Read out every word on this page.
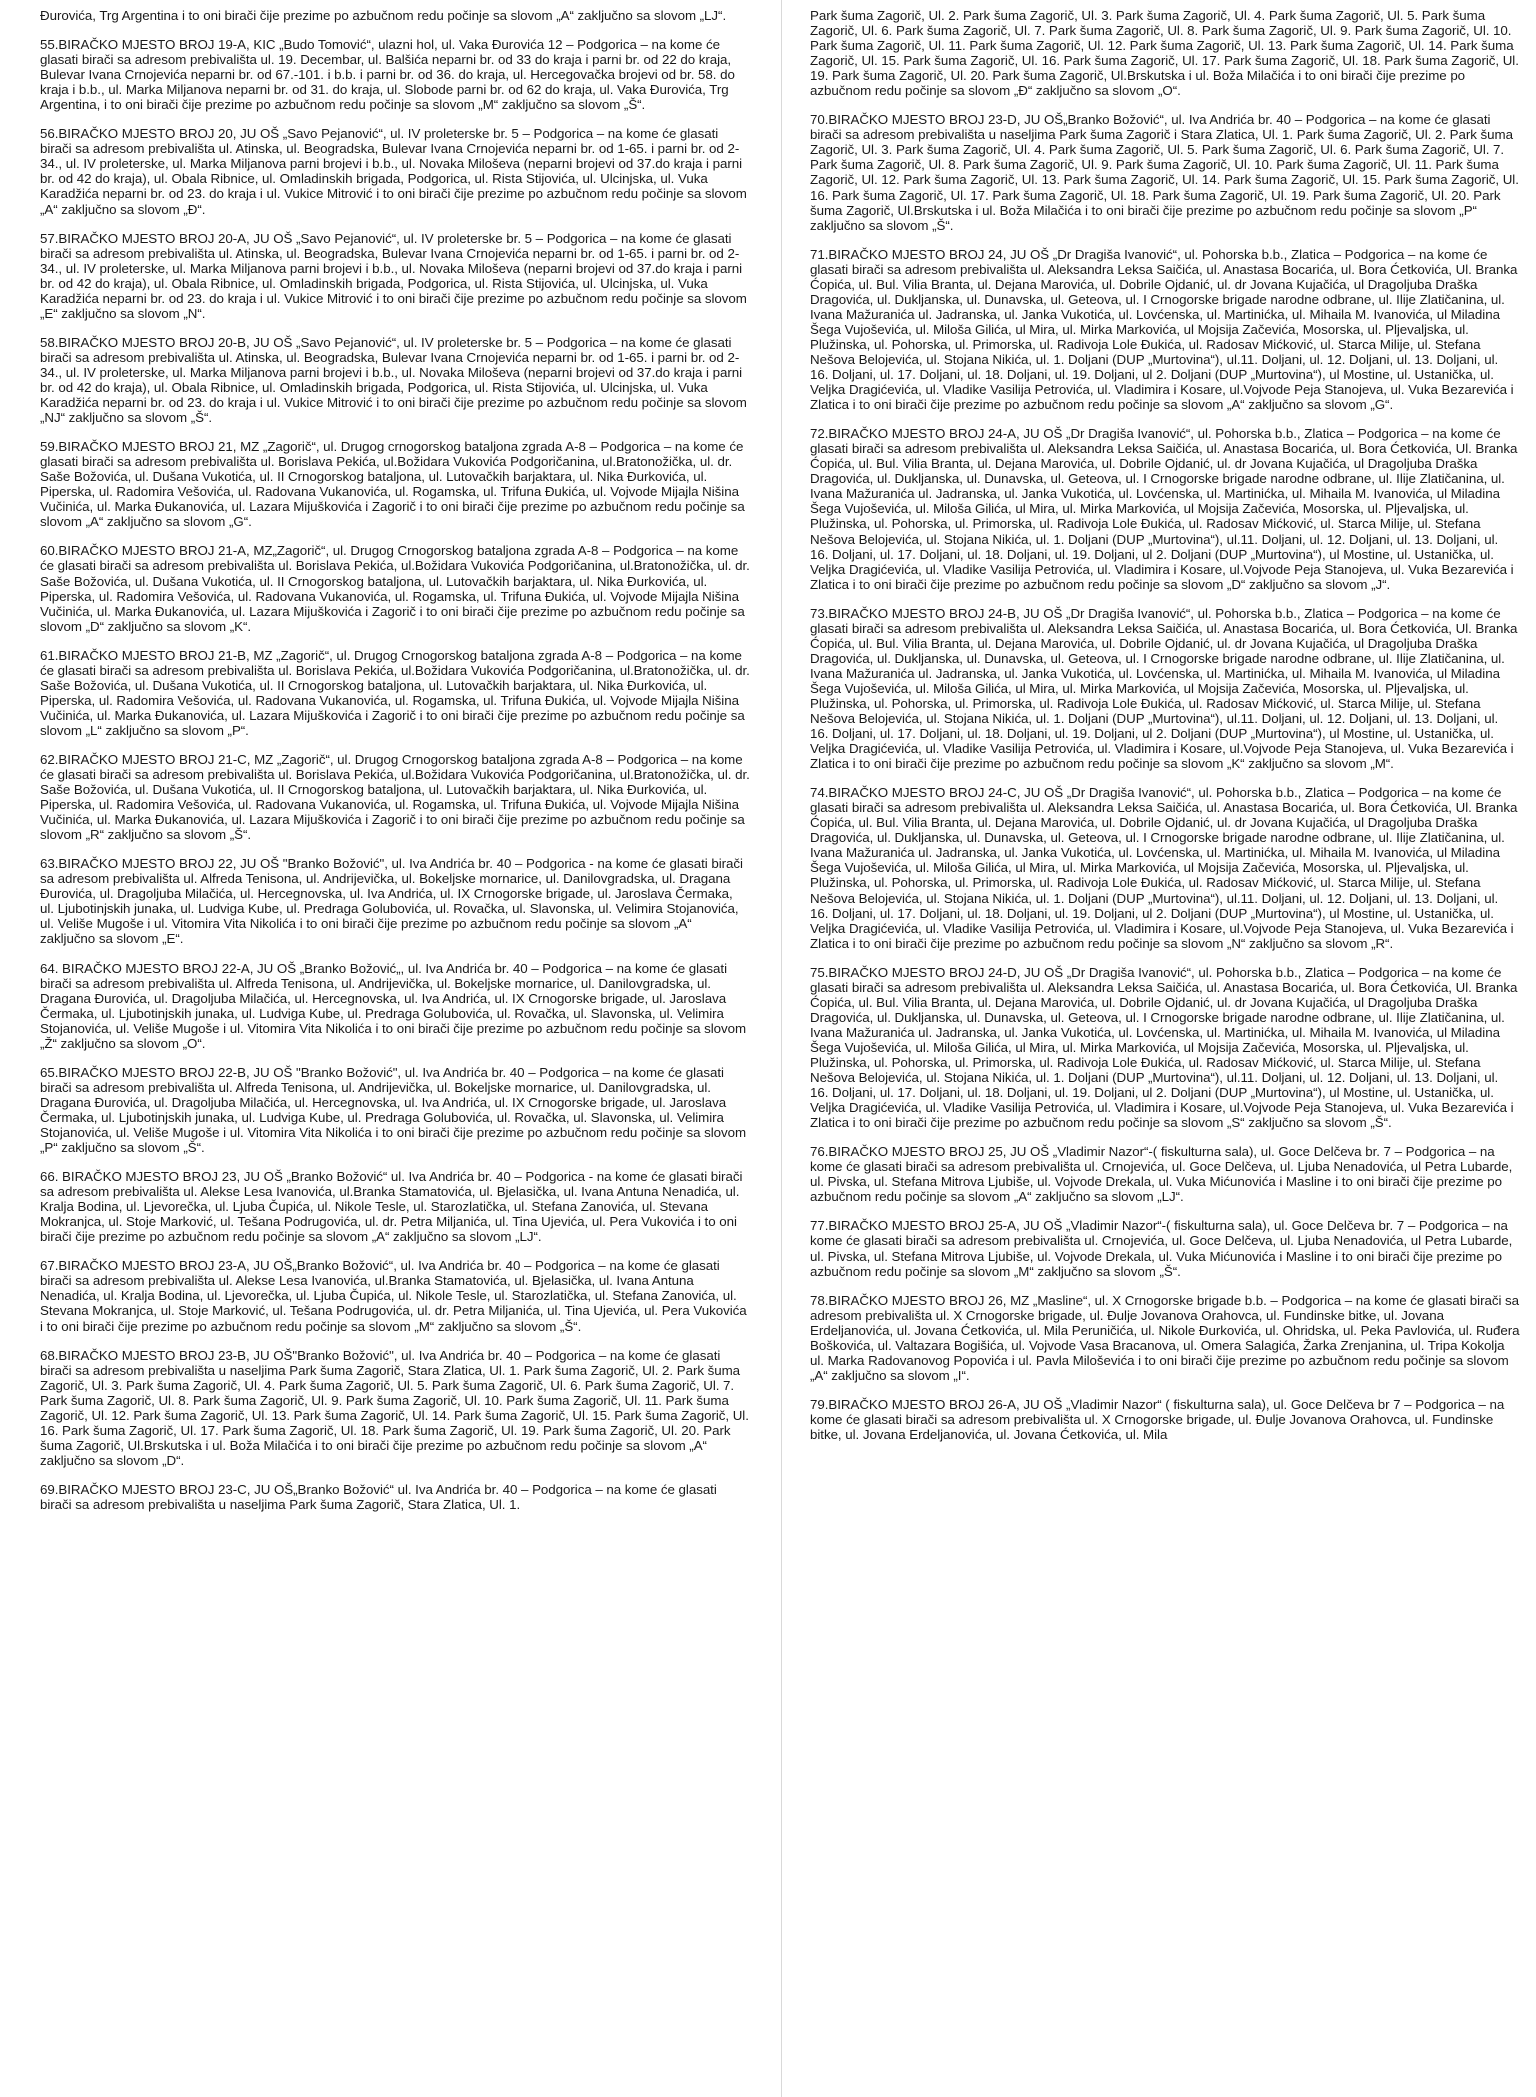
Đurovića, Trg Argentina i to oni birači čije prezime po azbučnom redu počinje sa slovom „A“ zaključno sa slovom „LJ“.

55.BIRAČKO MJESTO BROJ 19-A, KIC „Budo Tomović“, ulazni hol, ul. Vaka Đurovića 12 – Podgorica – na kome će glasati birači sa adresom prebivališta ul. 19. Decembar, ul. Balšića neparni br. od 33 do kraja i parni br. od 22 do kraja, Bulevar Ivana Crnojevića neparni br. od 67.-101. i b.b. i parni br. od 36. do kraja, ul. Hercegovačka brojevi od br. 58. do kraja i b.b., ul. Marka Miljanova neparni br. od 31. do kraja, ul. Slobode parni br. od 62 do kraja, ul. Vaka Đurovića, Trg Argentina, i to oni birači čije prezime po azbučnom redu počinje sa slovom „M“ zaključno sa slovom „Š“.

56.BIRAČKO MJESTO BROJ 20, JU OŠ „Savo Pejanović“, ul. IV proleterske br. 5 – Podgorica – na kome će glasati birači sa adresom prebivališta ul. Atinska, ul. Beogradska, Bulevar Ivana Crnojevića neparni br. od 1-65. i parni br. od 2-34., ul. IV proleterske, ul. Marka Miljanova parni brojevi i b.b., ul. Novaka Miloševa (neparni brojevi od 37.do kraja i parni br. od 42 do kraja), ul. Obala Ribnice, ul. Omladinskih brigada, Podgorica, ul. Rista Stijovića, ul. Ulcinjska, ul. Vuka Karadžića neparni br. od 23. do kraja i ul. Vukice Mitrović i to oni birači čije prezime po azbučnom redu počinje sa slovom „A“ zaključno sa slovom „Đ“.

57.BIRAČKO MJESTO BROJ 20-A, JU OŠ „Savo Pejanović“, ul. IV proleterske br. 5 – Podgorica – na kome će glasati birači sa adresom prebivališta ul. Atinska, ul. Beogradska, Bulevar Ivana Crnojevića neparni br. od 1-65. i parni br. od 2-34., ul. IV proleterske, ul. Marka Miljanova parni brojevi i b.b., ul. Novaka Miloševa (neparni brojevi od 37.do kraja i parni br. od 42 do kraja), ul. Obala Ribnice, ul. Omladinskih brigada, Podgorica, ul. Rista Stijovića, ul. Ulcinjska, ul. Vuka Karadžića neparni br. od 23. do kraja i ul. Vukice Mitrović i to oni birači čije prezime po azbučnom redu počinje sa slovom „E“ zaključno sa slovom „N“.

58.BIRAČKO MJESTO BROJ 20-B, JU OŠ „Savo Pejanović“, ul. IV proleterske br. 5 – Podgorica – na kome će glasati birači sa adresom prebivališta ul. Atinska, ul. Beogradska, Bulevar Ivana Crnojevića neparni br. od 1-65. i parni br. od 2-34., ul. IV proleterske, ul. Marka Miljanova parni brojevi i b.b., ul. Novaka Miloševa (neparni brojevi od 37.do kraja i parni br. od 42 do kraja), ul. Obala Ribnice, ul. Omladinskih brigada, Podgorica, ul. Rista Stijovića, ul. Ulcinjska, ul. Vuka Karadžića neparni br. od 23. do kraja i ul. Vukice Mitrović i to oni birači čije prezime po azbučnom redu počinje sa slovom „NJ“ zaključno sa slovom „Š“.

59.BIRAČKO MJESTO BROJ 21, MZ „Zagorič“, ul. Drugog crnogorskog bataljona zgrada A-8 – Podgorica – na kome će glasati birači sa adresom prebivališta ul. Borislava Pekića, ul.Božidara Vukovića Podgoričanina, ul.Bratonožička, ul. dr. Saše Božovića, ul. Dušana Vukotića, ul. II Crnogorskog bataljona, ul. Lutovačkih barjaktara, ul. Nika Đurkovića, ul. Piperska, ul. Radomira Vešovića, ul. Radovana Vukanovića, ul. Rogamska, ul. Trifuna Đukića, ul. Vojvode Mijajla Nišina Vučinića, ul. Marka Đukanovića, ul. Lazara Mijuškovića i Zagorič i to oni birači čije prezime po azbučnom redu počinje sa slovom „A“ zaključno sa slovom „G“.

60.BIRAČKO MJESTO BROJ 21-A, MZ„Zagorič“, ul. Drugog Crnogorskog bataljona zgrada A-8 – Podgorica – na kome će glasati birači sa adresom prebivališta ul. Borislava Pekića, ul.Božidara Vukovića Podgoričanina, ul.Bratonožička, ul. dr. Saše Božovića, ul. Dušana Vukotića, ul. II Crnogorskog bataljona, ul. Lutovačkih barjaktara, ul. Nika Đurkovića, ul. Piperska, ul. Radomira Vešovića, ul. Radovana Vukanovića, ul. Rogamska, ul. Trifuna Đukića, ul. Vojvode Mijajla Nišina Vučinića, ul. Marka Đukanovića, ul. Lazara Mijuškovića i Zagorič i to oni birači čije prezime po azbučnom redu počinje sa slovom „D“ zaključno sa slovom „K“.

61.BIRAČKO MJESTO BROJ 21-B, MZ „Zagorič“, ul. Drugog Crnogorskog bataljona zgrada A-8 – Podgorica – na kome će glasati birači sa adresom prebivališta ul. Borislava Pekića, ul.Božidara Vukovića Podgoričanina, ul.Bratonožička, ul. dr. Saše Božovića, ul. Dušana Vukotića, ul. II Crnogorskog bataljona, ul. Lutovačkih barjaktara, ul. Nika Đurkovića, ul. Piperska, ul. Radomira Vešovića, ul. Radovana Vukanovića, ul. Rogamska, ul. Trifuna Đukića, ul. Vojvode Mijajla Nišina Vučinića, ul. Marka Đukanovića, ul. Lazara Mijuškovića i Zagorič i to oni birači čije prezime po azbučnom redu počinje sa slovom „L“ zaključno sa slovom „P“.

62.BIRAČKO MJESTO BROJ 21-C, MZ „Zagorič“, ul. Drugog Crnogorskog bataljona zgrada A-8 – Podgorica – na kome će glasati birači sa adresom prebivališta ul. Borislava Pekića, ul.Božidara Vukovića Podgoričanina, ul.Bratonožička, ul. dr. Saše Božovića, ul. Dušana Vukotića, ul. II Crnogorskog bataljona, ul. Lutovačkih barjaktara, ul. Nika Đurkovića, ul. Piperska, ul. Radomira Vešovića, ul. Radovana Vukanovića, ul. Rogamska, ul. Trifuna Đukića, ul. Vojvode Mijajla Nišina Vučinića, ul. Marka Đukanovića, ul. Lazara Mijuškovića i Zagorič i to oni birači čije prezime po azbučnom redu počinje sa slovom „R“ zaključno sa slovom „Š“.

63.BIRAČKO MJESTO BROJ 22, JU OŠ "Branko Božović", ul. Iva Andrića br. 40 – Podgorica - na kome će glasati birači sa adresom prebivališta ul. Alfreda Tenisona, ul. Andrijevička, ul. Bokeljske mornarice, ul. Danilovgradska, ul. Dragana Đurovića, ul. Dragoljuba Milačića, ul. Hercegnovska, ul. Iva Andrića, ul. IX Crnogorske brigade, ul. Jaroslava Čermaka, ul. Ljubotinjskih junaka, ul. Ludviga Kube, ul. Predraga Golubovića, ul. Rovačka, ul. Slavonska, ul. Velimira Stojanovića, ul. Veliše Mugoše i ul. Vitomira Vita Nikolića i to oni birači čije prezime po azbučnom redu počinje sa slovom „A“ zaključno sa slovom „E“.

64. BIRAČKO MJESTO BROJ 22-A, JU OŠ „Branko Božović„, ul. Iva Andrića br. 40 – Podgorica – na kome će glasati birači sa adresom prebivališta ul. Alfreda Tenisona, ul. Andrijevička, ul. Bokeljske mornarice, ul. Danilovgradska, ul. Dragana Đurovića, ul. Dragoljuba Milačića, ul. Hercegnovska, ul. Iva Andrića, ul. IX Crnogorske brigade, ul. Jaroslava Čermaka, ul. Ljubotinjskih junaka, ul. Ludviga Kube, ul. Predraga Golubovića, ul. Rovačka, ul. Slavonska, ul. Velimira Stojanovića, ul. Veliše Mugoše i ul. Vitomira Vita Nikolića i to oni birači čije prezime po azbučnom redu počinje sa slovom „Ž“ zaključno sa slovom „O“.

65.BIRAČKO MJESTO BROJ 22-B, JU OŠ "Branko Božović", ul. Iva Andrića br. 40 – Podgorica – na kome će glasati birači sa adresom prebivališta ul. Alfreda Tenisona, ul. Andrijevička, ul. Bokeljske mornarice, ul. Danilovgradska, ul. Dragana Đurovića, ul. Dragoljuba Milačića, ul. Hercegnovska, ul. Iva Andrića, ul. IX Crnogorske brigade, ul. Jaroslava Čermaka, ul. Ljubotinjskih junaka, ul. Ludviga Kube, ul. Predraga Golubovića, ul. Rovačka, ul. Slavonska, ul. Velimira Stojanovića, ul. Veliše Mugoše i ul. Vitomira Vita Nikolića i to oni birači čije prezime po azbučnom redu počinje sa slovom „P“ zaključno sa slovom „Š“.

66. BIRAČKO MJESTO BROJ 23, JU OŠ „Branko Božović“ ul. Iva Andrića br. 40 – Podgorica - na kome će glasati birači sa adresom prebivališta ul. Alekse Lesa Ivanovića, ul.Branka Stamatovića, ul. Bjelasička, ul. Ivana Antuna Nenadića, ul. Kralja Bodina, ul. Ljevorečka, ul. Ljuba Čupića, ul. Nikole Tesle, ul. Starozlatička, ul. Stefana Zanovića, ul. Stevana Mokranjca, ul. Stoje Marković, ul. Tešana Podrugovića, ul. dr. Petra Miljanića, ul. Tina Ujevića, ul. Pera Vukovića i to oni birači čije prezime po azbučnom redu počinje sa slovom „A“ zaključno sa slovom „LJ“.

67.BIRAČKO MJESTO BROJ 23-A, JU OŠ„Branko Božović“, ul. Iva Andrića br. 40 – Podgorica – na kome će glasati birači sa adresom prebivališta ul. Alekse Lesa Ivanovića, ul.Branka Stamatovića, ul. Bjelasička, ul. Ivana Antuna Nenadića, ul. Kralja Bodina, ul. Ljevorečka, ul. Ljuba Čupića, ul. Nikole Tesle, ul. Starozlatička, ul. Stefana Zanovića, ul. Stevana Mokranjca, ul. Stoje Marković, ul. Tešana Podrugovića, ul. dr. Petra Miljanića, ul. Tina Ujevića, ul. Pera Vukovića i to oni birači čije prezime po azbučnom redu počinje sa slovom „M“ zaključno sa slovom „Š“.

68.BIRAČKO MJESTO BROJ 23-B, JU OŠ"Branko Božović", ul. Iva Andrića br. 40 – Podgorica – na kome će glasati birači sa adresom prebivališta u naseljima Park šuma Zagorič, Stara Zlatica, Ul. 1. Park šuma Zagorič, Ul. 2. Park šuma Zagorič, Ul. 3. Park šuma Zagorič, Ul. 4. Park šuma Zagorič, Ul. 5. Park šuma Zagorič, Ul. 6. Park šuma Zagorič, Ul. 7. Park šuma Zagorič, Ul. 8. Park šuma Zagorič, Ul. 9. Park šuma Zagorič, Ul. 10. Park šuma Zagorič, Ul. 11. Park šuma Zagorič, Ul. 12. Park šuma Zagorič, Ul. 13. Park šuma Zagorič, Ul. 14. Park šuma Zagorič, Ul. 15. Park šuma Zagorič, Ul. 16. Park šuma Zagorič, Ul. 17. Park šuma Zagorič, Ul. 18. Park šuma Zagorič, Ul. 19. Park šuma Zagorič, Ul. 20. Park šuma Zagorič, Ul.Brskutska i ul. Boža Milačića i to oni birači čije prezime po azbučnom redu počinje sa slovom „A“ zaključno sa slovom „D“.

69.BIRAČKO MJESTO BROJ 23-C, JU OŠ„Branko Božović“ ul. Iva Andrića br. 40 – Podgorica – na kome će glasati birači sa adresom prebivališta u naseljima Park šuma Zagorič, Stara Zlatica, Ul. 1.

Park šuma Zagorič, Ul. 2. Park šuma Zagorič, Ul. 3. Park šuma Zagorič, Ul. 4. Park šuma Zagorič, Ul. 5. Park šuma Zagorič, Ul. 6. Park šuma Zagorič, Ul. 7. Park šuma Zagorič, Ul. 8. Park šuma Zagorič, Ul. 9. Park šuma Zagorič, Ul. 10. Park šuma Zagorič, Ul. 11. Park šuma Zagorič, Ul. 12. Park šuma Zagorič, Ul. 13. Park šuma Zagorič, Ul. 14. Park šuma Zagorič, Ul. 15. Park šuma Zagorič, Ul. 16. Park šuma Zagorič, Ul. 17. Park šuma Zagorič, Ul. 18. Park šuma Zagorič, Ul. 19. Park šuma Zagorič, Ul. 20. Park šuma Zagorič, Ul.Brskutska i ul. Boža Milačića i to oni birači čije prezime po azbučnom redu počinje sa slovom „Đ“ zaključno sa slovom „O“.

70.BIRAČKO MJESTO BROJ 23-D, JU OŠ„Branko Božović“, ul. Iva Andrića br. 40 – Podgorica – na kome će glasati birači sa adresom prebivališta u naseljima Park šuma Zagorič i Stara Zlatica, Ul. 1. Park šuma Zagorič, Ul. 2. Park šuma Zagorič, Ul. 3. Park šuma Zagorič, Ul. 4. Park šuma Zagorič, Ul. 5. Park šuma Zagorič, Ul. 6. Park šuma Zagorič, Ul. 7. Park šuma Zagorič, Ul. 8. Park šuma Zagorič, Ul. 9. Park šuma Zagorič, Ul. 10. Park šuma Zagorič, Ul. 11. Park šuma Zagorič, Ul. 12. Park šuma Zagorič, Ul. 13. Park šuma Zagorič, Ul. 14. Park šuma Zagorič, Ul. 15. Park šuma Zagorič, Ul. 16. Park šuma Zagorič, Ul. 17. Park šuma Zagorič, Ul. 18. Park šuma Zagorič, Ul. 19. Park šuma Zagorič, Ul. 20. Park šuma Zagorič, Ul.Brskutska i ul. Boža Milačića i to oni birači čije prezime po azbučnom redu počinje sa slovom „P“ zaključno sa slovom „Š“.

71.BIRAČKO MJESTO BROJ 24, JU OŠ „Dr Dragiša Ivanović“, ul. Pohorska b.b., Zlatica – Podgorica – na kome će glasati birači sa adresom prebivališta ul. Aleksandra Leksa Saičića, ul. Anastasa Bocarića, ul. Bora Ćetkovića, Ul. Branka Ćopića, ul. Bul. Vilia Branta, ul. Dejana Marovića, ul. Dobrile Ojdanić, ul. dr Jovana Kujačića, ul Dragoljuba Draška Dragovića, ul. Dukljanska, ul. Dunavska, ul. Geteova, ul. I Crnogorske brigade narodne odbrane, ul. Ilije Zlatičanina, ul. Ivana Mažuranića ul. Jadranska, ul. Janka Vukotića, ul. Lovćenska, ul. Martinićka, ul. Mihaila M. Ivanovića, ul Miladina Šega Vujoševića, ul. Miloša Gilića, ul Mira, ul. Mirka Markovića, ul Mojsija Začevića, Mosorska, ul. Pljevaljska, ul. Plužinska, ul. Pohorska, ul. Primorska, ul. Radivoja Lole Đukića, ul. Radosav Mićković, ul. Starca Milije, ul. Stefana Nešova Belojevića, ul. Stojana Nikića, ul. 1. Doljani (DUP „Murtovina“), ul.11. Doljani, ul. 12. Doljani, ul. 13. Doljani, ul. 16. Doljani, ul. 17. Doljani, ul. 18. Doljani, ul. 19. Doljani, ul 2. Doljani (DUP „Murtovina“), ul Mostine, ul. Ustanička, ul. Veljka Dragićevića, ul. Vladike Vasilija Petrovića, ul. Vladimira i Kosare, ul.Vojvode Peja Stanojeva, ul. Vuka Bezarevića i Zlatica i to oni birači čije prezime po azbučnom redu počinje sa slovom „A“ zaključno sa slovom „G“.

72.BIRAČKO MJESTO BROJ 24-A, JU OŠ „Dr Dragiša Ivanović“, ul. Pohorska b.b., Zlatica – Podgorica – na kome će glasati birači sa adresom prebivališta ul. Aleksandra Leksa Saičića, ul. Anastasa Bocarića, ul. Bora Ćetkovića, Ul. Branka Ćopića, ul. Bul. Vilia Branta, ul. Dejana Marovića, ul. Dobrile Ojdanić, ul. dr Jovana Kujačića, ul Dragoljuba Draška Dragovića, ul. Dukljanska, ul. Dunavska, ul. Geteova, ul. I Crnogorske brigade narodne odbrane, ul. Ilije Zlatičanina, ul. Ivana Mažuranića ul. Jadranska, ul. Janka Vukotića, ul. Lovćenska, ul. Martinićka, ul. Mihaila M. Ivanovića, ul Miladina Šega Vujoševića, ul. Miloša Gilića, ul Mira, ul. Mirka Markovića, ul Mojsija Začevića, Mosorska, ul. Pljevaljska, ul. Plužinska, ul. Pohorska, ul. Primorska, ul. Radivoja Lole Đukića, ul. Radosav Mićković, ul. Starca Milije, ul. Stefana Nešova Belojevića, ul. Stojana Nikića, ul. 1. Doljani (DUP „Murtovina“), ul.11. Doljani, ul. 12. Doljani, ul. 13. Doljani, ul. 16. Doljani, ul. 17. Doljani, ul. 18. Doljani, ul. 19. Doljani, ul 2. Doljani (DUP „Murtovina“), ul Mostine, ul. Ustanička, ul. Veljka Dragićevića, ul. Vladike Vasilija Petrovića, ul. Vladimira i Kosare, ul.Vojvode Peja Stanojeva, ul. Vuka Bezarevića i Zlatica i to oni birači čije prezime po azbučnom redu počinje sa slovom „D“ zaključno sa slovom „J“.

73.BIRAČKO MJESTO BROJ 24-B, JU OŠ „Dr Dragiša Ivanović“, ul. Pohorska b.b., Zlatica – Podgorica – na kome će glasati birači sa adresom prebivališta ul. Aleksandra Leksa Saičića, ul. Anastasa Bocarića, ul. Bora Ćetkovića, Ul. Branka Ćopića, ul. Bul. Vilia Branta, ul. Dejana Marovića, ul. Dobrile Ojdanić, ul. dr Jovana Kujačića, ul Dragoljuba Draška Dragovića, ul. Dukljanska, ul. Dunavska, ul. Geteova, ul. I Crnogorske brigade narodne odbrane, ul. Ilije Zlatičanina, ul. Ivana Mažuranića ul. Jadranska, ul. Janka Vukotića, ul. Lovćenska, ul. Martinićka, ul. Mihaila M. Ivanovića, ul Miladina Šega Vujoševića, ul. Miloša Gilića, ul Mira, ul. Mirka Markovića, ul Mojsija Začevića, Mosorska, ul. Pljevaljska, ul. Plužinska, ul. Pohorska, ul. Primorska, ul. Radivoja Lole Đukića, ul. Radosav Mićković, ul. Starca Milije, ul. Stefana Nešova Belojevića, ul. Stojana Nikića, ul. 1. Doljani (DUP „Murtovina“), ul.11. Doljani, ul. 12. Doljani, ul. 13. Doljani, ul. 16. Doljani, ul. 17. Doljani, ul. 18. Doljani, ul. 19. Doljani, ul 2. Doljani (DUP „Murtovina“), ul Mostine, ul. Ustanička, ul. Veljka Dragićevića, ul. Vladike Vasilija Petrovića, ul. Vladimira i Kosare, ul.Vojvode Peja Stanojeva, ul. Vuka Bezarevića i Zlatica i to oni birači čije prezime po azbučnom redu počinje sa slovom „K“ zaključno sa slovom „M“.

74.BIRAČKO MJESTO BROJ 24-C, JU OŠ „Dr Dragiša Ivanović“, ul. Pohorska b.b., Zlatica – Podgorica – na kome će glasati birači sa adresom prebivališta ul. Aleksandra Leksa Saičića, ul. Anastasa Bocarića, ul. Bora Ćetkovića, Ul. Branka Ćopića, ul. Bul. Vilia Branta, ul. Dejana Marovića, ul. Dobrile Ojdanić, ul. dr Jovana Kujačića, ul Dragoljuba Draška Dragovića, ul. Dukljanska, ul. Dunavska, ul. Geteova, ul. I Crnogorske brigade narodne odbrane, ul. Ilije Zlatičanina, ul. Ivana Mažuranića ul. Jadranska, ul. Janka Vukotića, ul. Lovćenska, ul. Martinićka, ul. Mihaila M. Ivanovića, ul Miladina Šega Vujoševića, ul. Miloša Gilića, ul Mira, ul. Mirka Markovića, ul Mojsija Začevića, Mosorska, ul. Pljevaljska, ul. Plužinska, ul. Pohorska, ul. Primorska, ul. Radivoja Lole Đukića, ul. Radosav Mićković, ul. Starca Milije, ul. Stefana Nešova Belojevića, ul. Stojana Nikića, ul. 1. Doljani (DUP „Murtovina“), ul.11. Doljani, ul. 12. Doljani, ul. 13. Doljani, ul. 16. Doljani, ul. 17. Doljani, ul. 18. Doljani, ul. 19. Doljani, ul 2. Doljani (DUP „Murtovina“), ul Mostine, ul. Ustanička, ul. Veljka Dragićevića, ul. Vladike Vasilija Petrovića, ul. Vladimira i Kosare, ul.Vojvode Peja Stanojeva, ul. Vuka Bezarevića i Zlatica i to oni birači čije prezime po azbučnom redu počinje sa slovom „N“ zaključno sa slovom „R“.

75.BIRAČKO MJESTO BROJ 24-D, JU OŠ „Dr Dragiša Ivanović“, ul. Pohorska b.b., Zlatica – Podgorica – na kome će glasati birači sa adresom prebivališta ul. Aleksandra Leksa Saičića, ul. Anastasa Bocarića, ul. Bora Ćetkovića, Ul. Branka Ćopića, ul. Bul. Vilia Branta, ul. Dejana Marovića, ul. Dobrile Ojdanić, ul. dr Jovana Kujačića, ul Dragoljuba Draška Dragovića, ul. Dukljanska, ul. Dunavska, ul. Geteova, ul. I Crnogorske brigade narodne odbrane, ul. Ilije Zlatičanina, ul. Ivana Mažuranića ul. Jadranska, ul. Janka Vukotića, ul. Lovćenska, ul. Martinićka, ul. Mihaila M. Ivanovića, ul Miladina Šega Vujoševića, ul. Miloša Gilića, ul Mira, ul. Mirka Markovića, ul Mojsija Začevića, Mosorska, ul. Pljevaljska, ul. Plužinska, ul. Pohorska, ul. Primorska, ul. Radivoja Lole Đukića, ul. Radosav Mićković, ul. Starca Milije, ul. Stefana Nešova Belojevića, ul. Stojana Nikića, ul. 1. Doljani (DUP „Murtovina“), ul.11. Doljani, ul. 12. Doljani, ul. 13. Doljani, ul. 16. Doljani, ul. 17. Doljani, ul. 18. Doljani, ul. 19. Doljani, ul 2. Doljani (DUP „Murtovina“), ul Mostine, ul. Ustanička, ul. Veljka Dragićevića, ul. Vladike Vasilija Petrovića, ul. Vladimira i Kosare, ul.Vojvode Peja Stanojeva, ul. Vuka Bezarevića i Zlatica i to oni birači čije prezime po azbučnom redu počinje sa slovom „S“ zaključno sa slovom „Š“.

76.BIRAČKO MJESTO BROJ 25, JU OŠ „Vladimir Nazor“-( fiskulturna sala), ul. Goce Delčeva br. 7 – Podgorica – na kome će glasati birači sa adresom prebivališta ul. Crnojevića, ul. Goce Delčeva, ul. Ljuba Nenadovića, ul Petra Lubarde, ul. Pivska, ul. Stefana Mitrova Ljubiše, ul. Vojvode Drekala, ul. Vuka Mićunovića i Masline i to oni birači čije prezime po azbučnom redu počinje sa slovom „A“ zaključno sa slovom „LJ“.

77.BIRAČKO MJESTO BROJ 25-A, JU OŠ „Vladimir Nazor“-( fiskulturna sala), ul. Goce Delčeva br. 7 – Podgorica – na kome će glasati birači sa adresom prebivališta ul. Crnojevića, ul. Goce Delčeva, ul. Ljuba Nenadovića, ul Petra Lubarde, ul. Pivska, ul. Stefana Mitrova Ljubiše, ul. Vojvode Drekala, ul. Vuka Mićunovića i Masline i to oni birači čije prezime po azbučnom redu počinje sa slovom „M“ zaključno sa slovom „Š“.

78.BIRAČKO MJESTO BROJ 26, MZ „Masline“, ul. X Crnogorske brigade b.b. – Podgorica – na kome će glasati birači sa adresom prebivališta ul. X Crnogorske brigade, ul. Đulje Jovanova Orahovca, ul. Fundinske bitke, ul. Jovana Erdeljanovića, ul. Jovana Ćetkovića, ul. Mila Peruničića, ul. Nikole Đurkovića, ul. Ohridska, ul. Peka Pavlovića, ul. Ruđera Boškovića, ul. Valtazara Bogišića, ul. Vojvode Vasa Bracanova, ul. Omera Salagića, Žarka Zrenjanina, ul. Tripa Kokolja ul. Marka Radovanovog Popovića i ul. Pavla Miloševića i to oni birači čije prezime po azbučnom redu počinje sa slovom „A“ zaključno sa slovom „I“.

79.BIRAČKO MJESTO BROJ 26-A, JU OŠ „Vladimir Nazor“ ( fiskulturna sala), ul. Goce Delčeva br 7 – Podgorica – na kome će glasati birači sa adresom prebivališta ul. X Crnogorske brigade, ul. Đulje Jovanova Orahovca, ul. Fundinske bitke, ul. Jovana Erdeljanovića, ul. Jovana Ćetkovića, ul. Mila
